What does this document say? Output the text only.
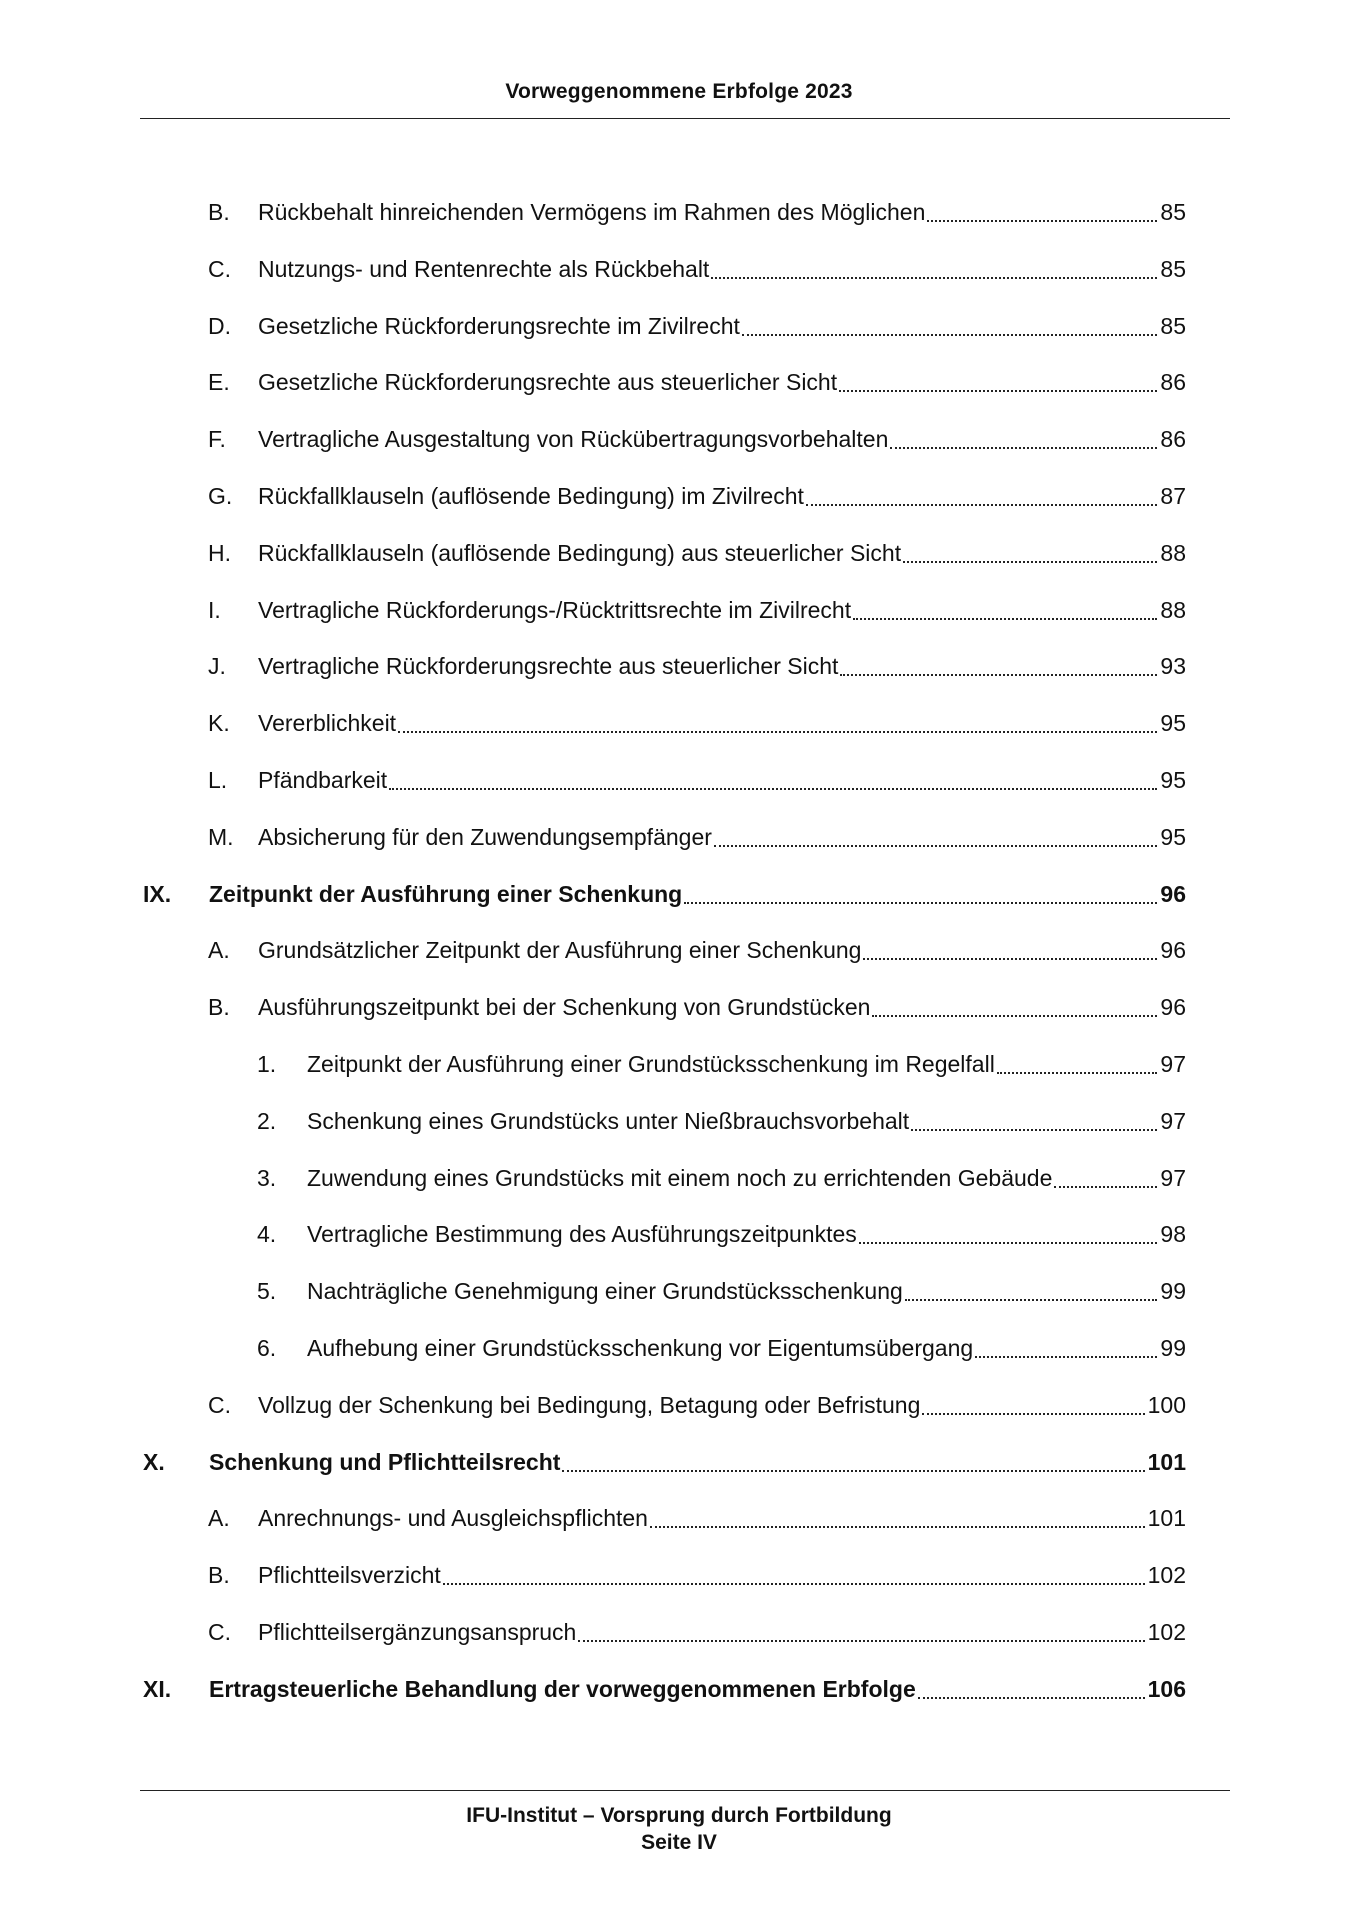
Vorweggenommene Erbfolge 2023
B.	Rückbehalt hinreichenden Vermögens im Rahmen des Möglichen	85
C.	Nutzungs- und Rentenrechte als Rückbehalt	85
D.	Gesetzliche Rückforderungsrechte im Zivilrecht	85
E.	Gesetzliche Rückforderungsrechte aus steuerlicher Sicht	86
F.	Vertragliche Ausgestaltung von Rückübertragungsvorbehalten	86
G.	Rückfallklauseln (auflösende Bedingung) im Zivilrecht	87
H.	Rückfallklauseln (auflösende Bedingung) aus steuerlicher Sicht	88
I.	Vertragliche Rückforderungs-/Rücktrittsrechte im Zivilrecht	88
J.	Vertragliche Rückforderungsrechte aus steuerlicher Sicht	93
K.	Vererblichkeit	95
L.	Pfändbarkeit	95
M.	Absicherung für den Zuwendungsempfänger	95
IX.	Zeitpunkt der Ausführung einer Schenkung	96
A.	Grundsätzlicher Zeitpunkt der Ausführung einer Schenkung	96
B.	Ausführungszeitpunkt bei der Schenkung von Grundstücken	96
1.	Zeitpunkt der Ausführung einer Grundstücksschenkung im Regelfall	97
2.	Schenkung eines Grundstücks unter Nießbrauchsvorbehalt	97
3.	Zuwendung eines Grundstücks mit einem noch zu errichtenden Gebäude	97
4.	Vertragliche Bestimmung des Ausführungszeitpunktes	98
5.	Nachträgliche Genehmigung einer Grundstücksschenkung	99
6.	Aufhebung einer Grundstücksschenkung vor Eigentumsübergang	99
C.	Vollzug der Schenkung bei Bedingung, Betagung oder Befristung	100
X.	Schenkung und Pflichtteilsrecht	101
A.	Anrechnungs- und Ausgleichspflichten	101
B.	Pflichtteilsverzicht	102
C.	Pflichtteilsergänzungsanspruch	102
XI.	Ertragsteuerliche Behandlung der vorweggenommenen Erbfolge	106
IFU-Institut – Vorsprung durch Fortbildung
Seite IV
